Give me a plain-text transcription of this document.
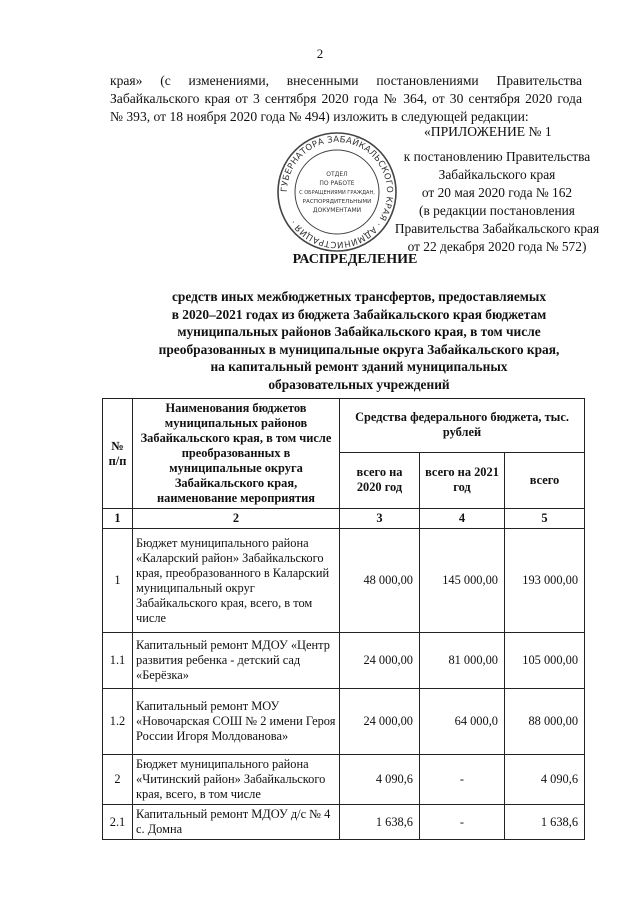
2
края» (с изменениями, внесенными постановлениями Правительства
Забайкальского края от 3 сентября 2020 года № 364, от 30 сентября 2020 года
№ 393, от 18 ноября 2020 года № 494) изложить в следующей редакции:
«ПРИЛОЖЕНИЕ № 1
ГУБЕРНАТОРА ЗАБАЙКАЛЬСКОГО КРАЯ · АДМИНИСТРАЦИЯ ·
ОТДЕЛ
ПО РАБОТЕ
С ОБРАЩЕНИЯМИ ГРАЖДАН,
РАСПОРЯДИТЕЛЬНЫМИ
ДОКУМЕНТАМИ
к постановлению Правительства
Забайкальского края
от 20 мая 2020 года № 162
(в редакции постановления
Правительства Забайкальского края
от 22 декабря 2020 года № 572)
РАСПРЕДЕЛЕНИЕ
средств иных межбюджетных трансфертов, предоставляемых
в 2020–2021 годах из бюджета Забайкальского края бюджетам
муниципальных районов Забайкальского края, в том числе
преобразованных в муниципальные округа Забайкальского края,
на капитальный ремонт зданий муниципальных
образовательных учреждений
№ п/п	Наименования бюджетов муниципальных районов Забайкальского края, в том числе преобразованных в муниципальные округа Забайкальского края, наименование мероприятия	Средства федерального бюджета, тыс. рублей		
		всего на 2020 год	всего на 2021 год	всего
1	2	3	4	5
1	Бюджет муниципального района «Каларский район» Забайкальского края, преобразованного в Каларский муниципальный округ Забайкальского края, всего, в том числе	48 000,00	145 000,00	193 000,00
1.1	Капитальный ремонт МДОУ «Центр развития ребенка - детский сад «Берёзка»	24 000,00	81 000,00	105 000,00
1.2	Капитальный ремонт МОУ «Новочарская СОШ № 2 имени Героя России Игоря Молдованова»	24 000,00	64 000,0	88 000,00
2	Бюджет муниципального района «Читинский район» Забайкальского края, всего, в том числе	4 090,6	-	4 090,6
2.1	Капитальный ремонт МДОУ д/с № 4 с. Домна	1 638,6	-	1 638,6
